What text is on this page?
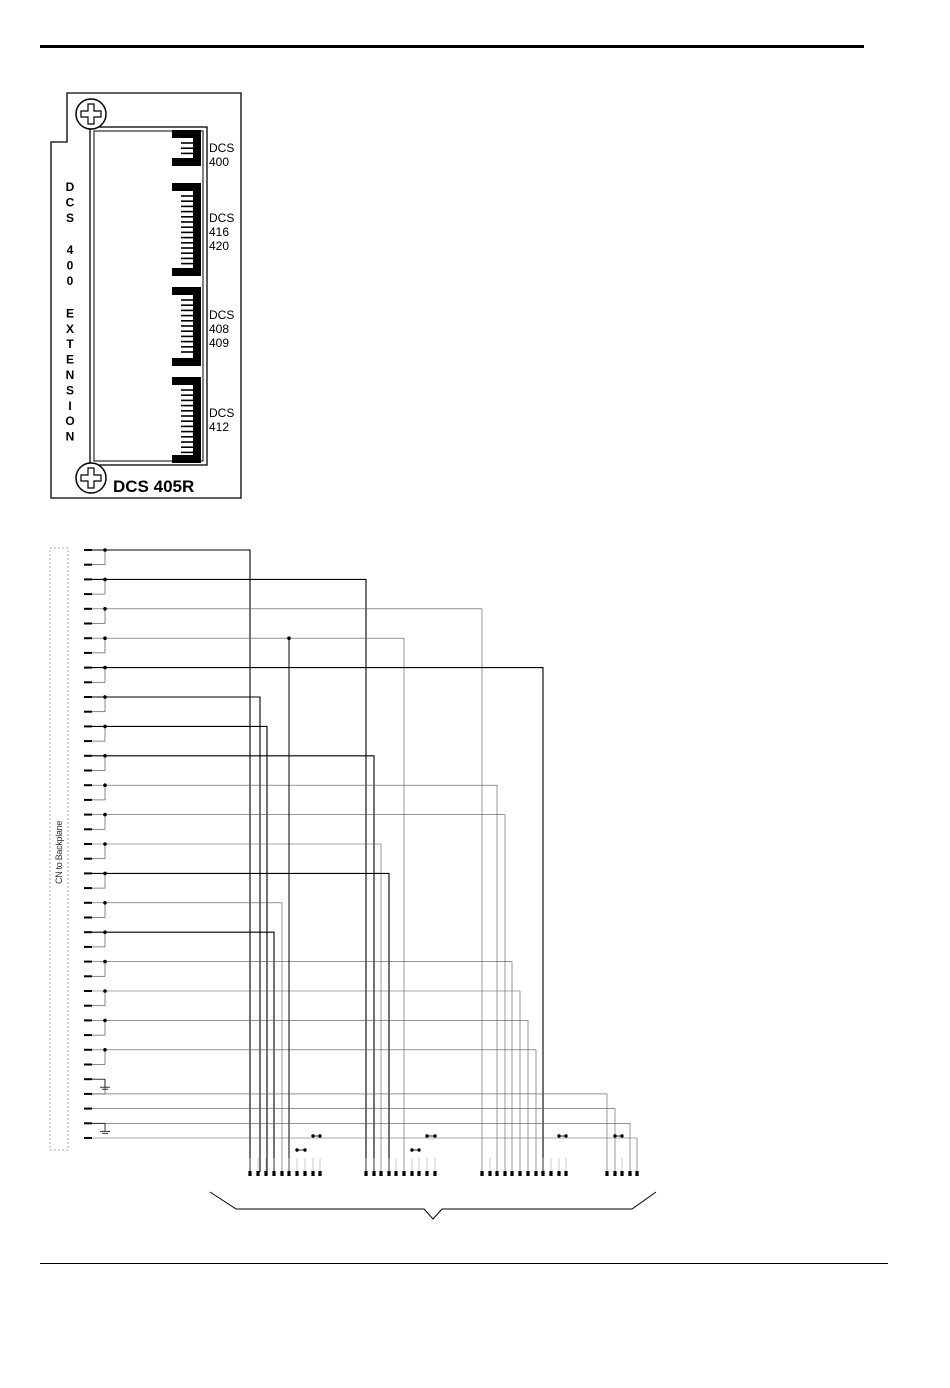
D
C
S
4
0
0
E
X
T
E
N
S
I
O
N
DCS
400
DCS
416
420
DCS
408
409
DCS
412
DCS 405R
CN to Backplane
